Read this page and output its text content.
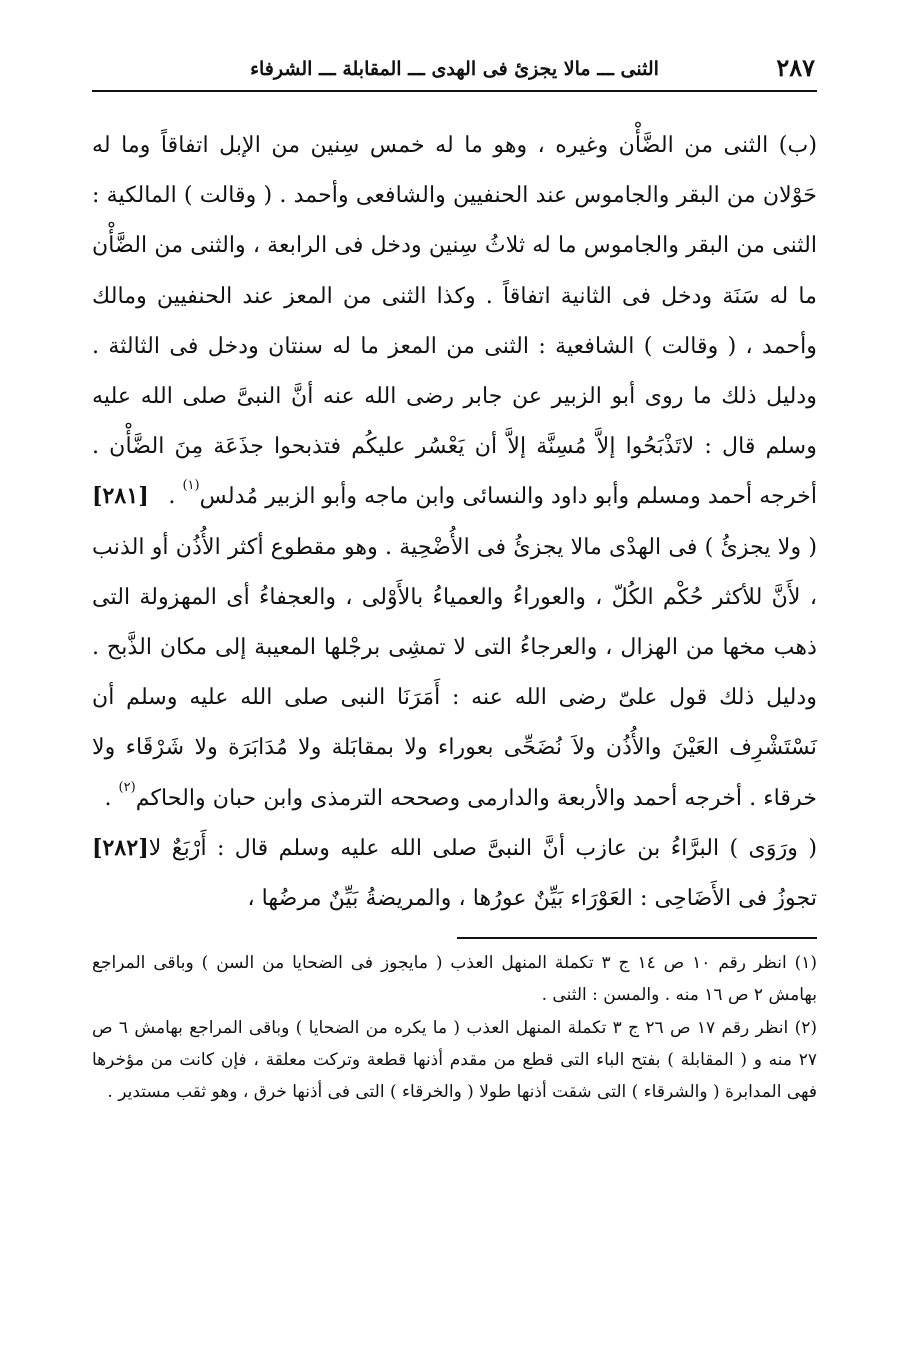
الثنى ـــ مالا يجزئ فى الهدى ـــ المقابلة ـــ الشرفاء	٢٨٧

(ب) الثنى من الضَّأْن وغيره ، وهو ما له خمس سِنين من الإبل اتفاقاً وما له حَوْلان من البقر والجاموس عند الحنفيين والشافعى وأحمد . ( وقالت ) المالكية : الثنى من البقر والجاموس ما له ثلاثُ سِنين ودخل فى الرابعة ، والثنى من الضَّأْن ما له سَنَة ودخل فى الثانية اتفاقاً . وكذا الثنى من المعز عند الحنفيين ومالك وأحمد ، ( وقالت ) الشافعية : الثنى من المعز ما له سنتان ودخل فى الثالثة . ودليل ذلك ما روى أبو الزبير عن جابر رضى الله عنه أنَّ النبىَّ صلى الله عليه وسلم قال : لاتَذْبَحُوا إلاَّ مُسِنَّة إلاَّ أن يَعْسُر عليكُم فتذبحوا جذَعَة مِنَ الضَّأْن . أخرجه أحمد ومسلم وأبو داود والنسائى وابن ماجه وأبو الزبير مُدلس$^{(١)}$ .
[٢٨١]

( ولا يجزئُ ) فى الهدْى مالا يجزئُ فى الأُضْحِية . وهو مقطوع أكثر الأُذُن أو الذنب ، لأَنَّ للأكثر حُكْم الكُلّ ، والعوراءُ والعمياءُ بالأَوْلى ، والعجفاءُ أى المهزولة التى ذهب مخها من الهزال ، والعرجاءُ التى لا تمشِى برجْلها المعيبة إلى مكان الذَّبح . ودليل ذلك قول علىّ رضى الله عنه : أَمَرَنَا النبى صلى الله عليه وسلم أن نَسْتَشْرِف العَيْنَ والأُذُن ولاَ نُضَحِّى بعوراء ولا بمقابَلة ولا مُدَابَرَة ولا شَرْقَاء ولا خرقاء . أخرجه أحمد والأربعة والدارمى وصححه الترمذى وابن حبان والحاكم$^{(٢)}$ .
[٢٨٢] ( ورَوَى ) البرَّاءُ بن عازب أنَّ النبىَّ صلى الله عليه وسلم قال : أَرْبَعٌ لا تجوزُ فى الأَضَاحِى : العَوْرَاء بَيِّنٌ عورُها ، والمريضةُ بَيِّنٌ مرضُها ،

(١) انظر رقم ١٠ ص ١٤ ج ٣ تكملة المنهل العذب ( مايجوز فى الضحايا من السن ) وباقى المراجع بهامش ٢ ص ١٦ منه . والمسن : الثنى .

(٢) انظر رقم ١٧ ص ٢٦ ج ٣ تكملة المنهل العذب ( ما يكره من الضحايا ) وباقى المراجع بهامش ٦ ص ٢٧ منه و ( المقابلة ) بفتح الباء التى قطع من مقدم أذنها قطعة وتركت معلقة ، فإن كانت من مؤخرها فهى المدابرة ( والشرقاء ) التى شقت أذنها طولا ( والخرقاء ) التى فى أذنها خرق ، وهو ثقب مستدير .
